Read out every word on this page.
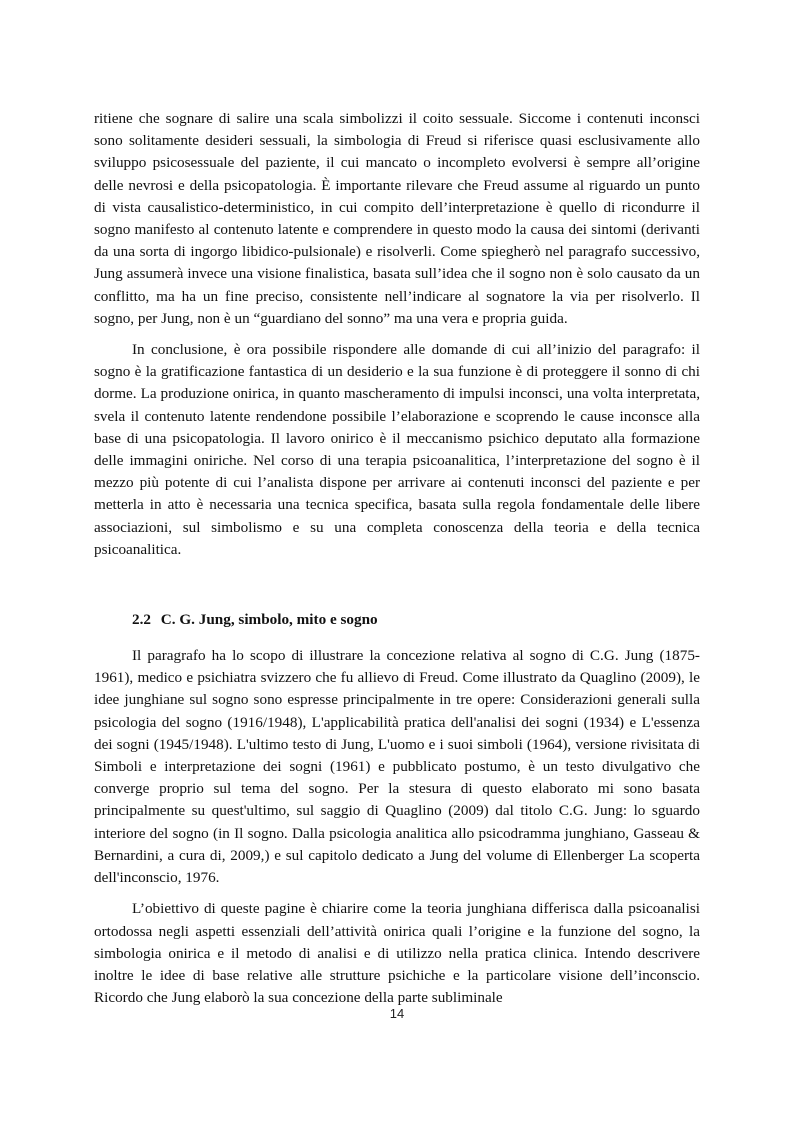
ritiene che sognare di salire una scala simbolizzi il coito sessuale. Siccome i contenuti inconsci sono solitamente desideri sessuali, la simbologia di Freud si riferisce quasi esclusivamente allo sviluppo psicosessuale del paziente, il cui mancato o incompleto evolversi è sempre all’origine delle nevrosi e della psicopatologia. È importante rilevare che Freud assume al riguardo un punto di vista causalistico-deterministico, in cui compito dell’interpretazione è quello di ricondurre il sogno manifesto al contenuto latente e comprendere in questo modo la causa dei sintomi (derivanti da una sorta di ingorgo libidico-pulsionale) e risolverli. Come spiegherò nel paragrafo successivo, Jung assumerà invece una visione finalistica, basata sull’idea che il sogno non è solo causato da un conflitto, ma ha un fine preciso, consistente nell’indicare al sognatore la via per risolverlo. Il sogno, per Jung, non è un “guardiano del sonno” ma una vera e propria guida.

In conclusione, è ora possibile rispondere alle domande di cui all’inizio del paragrafo: il sogno è la gratificazione fantastica di un desiderio e la sua funzione è di proteggere il sonno di chi dorme. La produzione onirica, in quanto mascheramento di impulsi inconsci, una volta interpretata, svela il contenuto latente rendendone possibile l’elaborazione e scoprendo le cause inconsce alla base di una psicopatologia. Il lavoro onirico è il meccanismo psichico deputato alla formazione delle immagini oniriche. Nel corso di una terapia psicoanalitica, l’interpretazione del sogno è il mezzo più potente di cui l’analista dispone per arrivare ai contenuti inconsci del paziente e per metterla in atto è necessaria una tecnica specifica, basata sulla regola fondamentale delle libere associazioni, sul simbolismo e su una completa conoscenza della teoria e della tecnica psicoanalitica.

2.2 C. G. Jung, simbolo, mito e sogno

Il paragrafo ha lo scopo di illustrare la concezione relativa al sogno di C.G. Jung (1875-1961), medico e psichiatra svizzero che fu allievo di Freud. Come illustrato da Quaglino (2009), le idee junghiane sul sogno sono espresse principalmente in tre opere: Considerazioni generali sulla psicologia del sogno (1916/1948), L'applicabilità pratica dell'analisi dei sogni (1934) e L'essenza dei sogni (1945/1948). L'ultimo testo di Jung, L'uomo e i suoi simboli (1964), versione rivisitata di Simboli e interpretazione dei sogni (1961) e pubblicato postumo, è un testo divulgativo che converge proprio sul tema del sogno. Per la stesura di questo elaborato mi sono basata principalmente su quest'ultimo, sul saggio di Quaglino (2009) dal titolo C.G. Jung: lo sguardo interiore del sogno (in Il sogno. Dalla psicologia analitica allo psicodramma junghiano, Gasseau & Bernardini, a cura di, 2009,) e sul capitolo dedicato a Jung del volume di Ellenberger La scoperta dell'inconscio, 1976.

L’obiettivo di queste pagine è chiarire come la teoria junghiana differisca dalla psicoanalisi ortodossa negli aspetti essenziali dell’attività onirica quali l’origine e la funzione del sogno, la simbologia onirica e il metodo di analisi e di utilizzo nella pratica clinica. Intendo descrivere inoltre le idee di base relative alle strutture psichiche e la particolare visione dell’inconscio. Ricordo che Jung elaborò la sua concezione della parte subliminale

14
